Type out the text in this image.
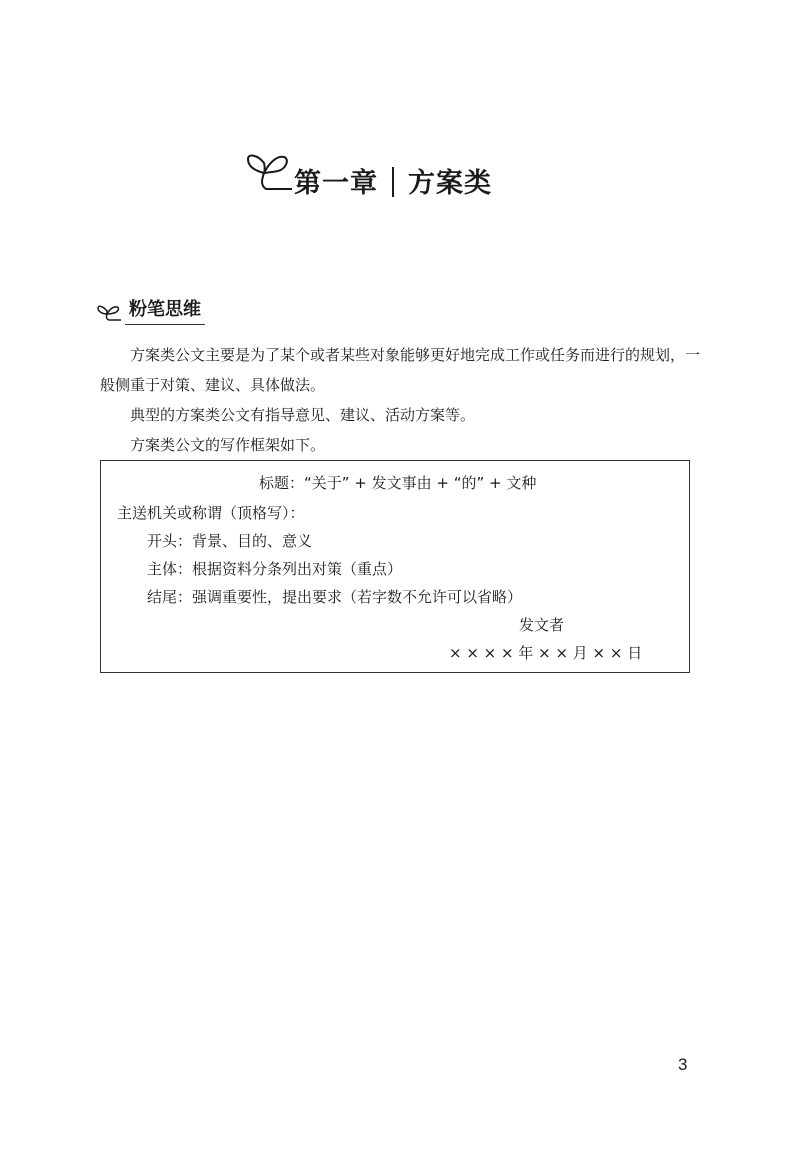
第一章 方案类
粉笔思维
方案类公文主要是为了某个或者某些对象能够更好地完成工作或任务而进行的规划，一
般侧重于对策、建议、具体做法。
典型的方案类公文有指导意见、建议、活动方案等。
方案类公文的写作框架如下。
标题：“关于” + 发文事由 + “的” + 文种
主送机关或称谓（顶格写）：
开头：背景、目的、意义
主体：根据资料分条列出对策（重点）
结尾：强调重要性，提出要求（若字数不允许可以省略）
发文者
× × × × 年 × × 月 × × 日
3
